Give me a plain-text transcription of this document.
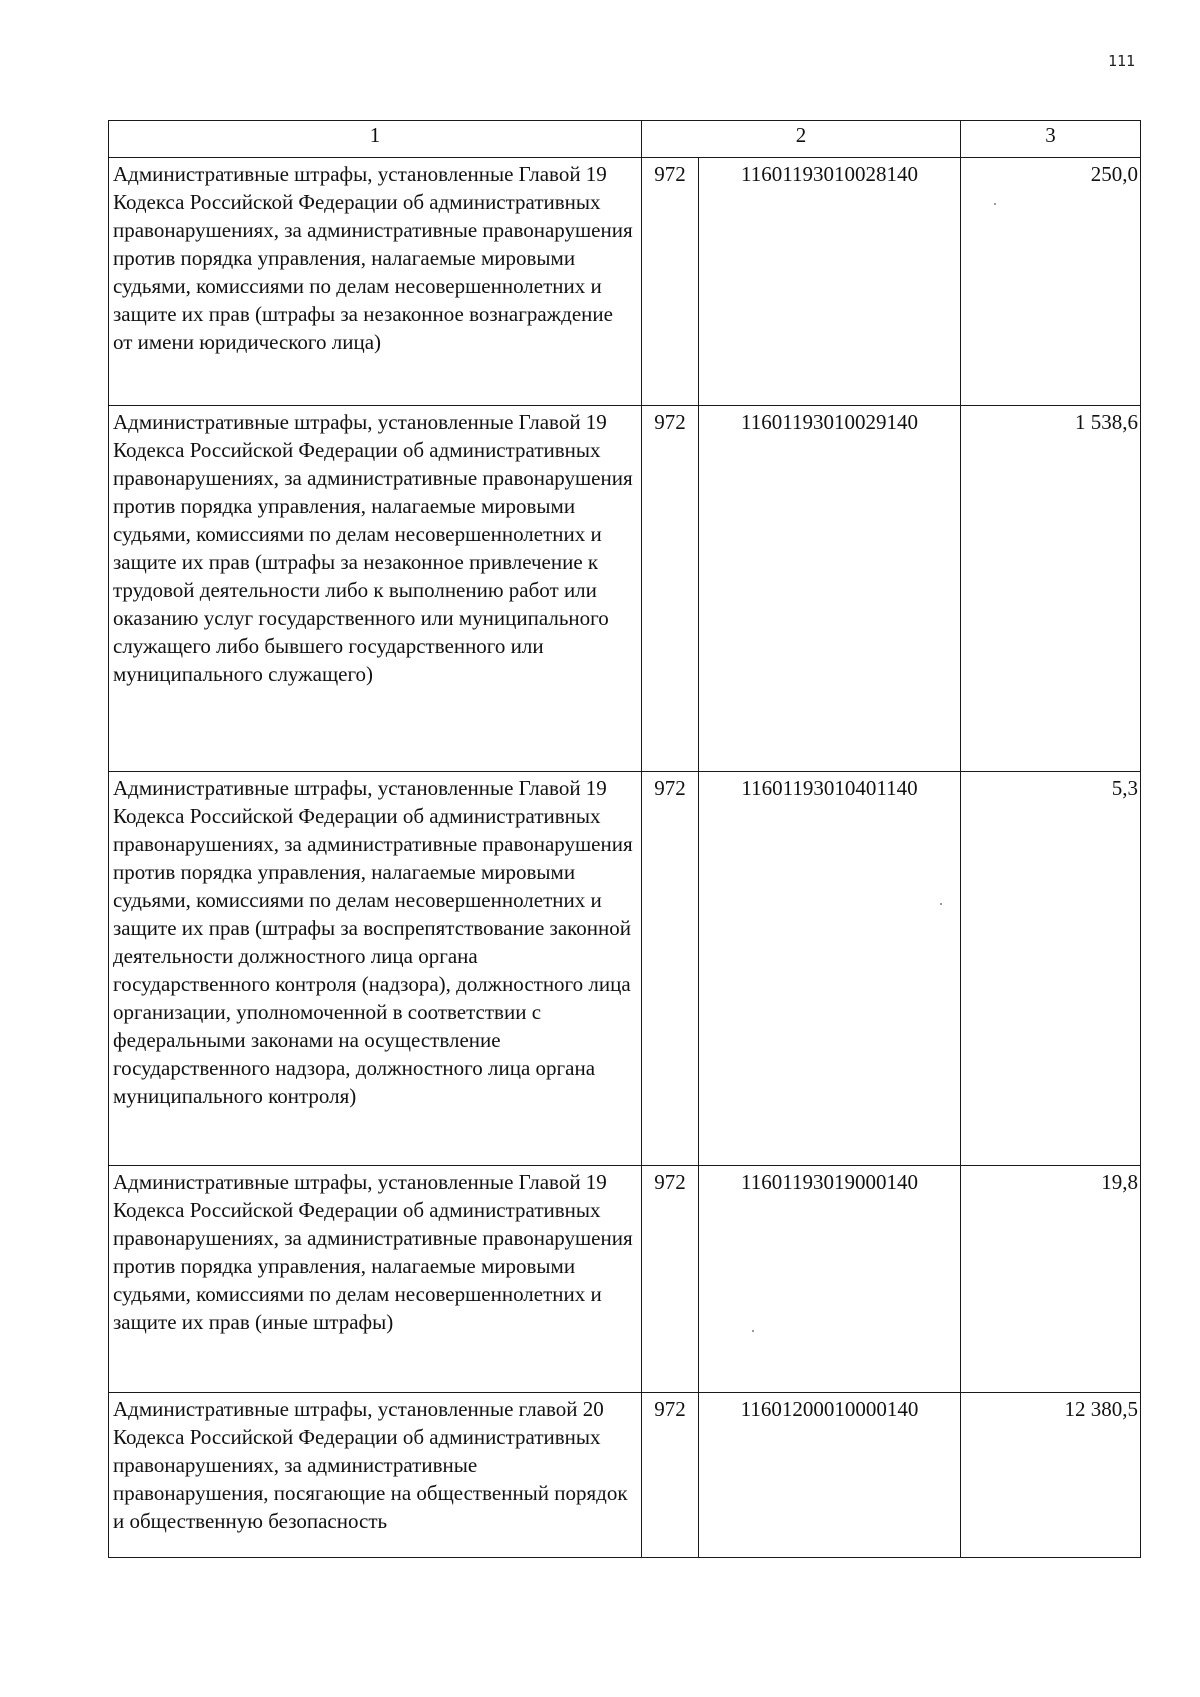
111
1	2		3
Административные штрафы, установленные Главой 19 Кодекса Российской Федерации об административных правонарушениях, за административные правонарушения против порядка управления, налагаемые мировыми судьями, комиссиями по делам несовершеннолетних и защите их прав (штрафы за незаконное вознаграждение от имени юридического лица)	972	11601193010028140	250,0
Административные штрафы, установленные Главой 19 Кодекса Российской Федерации об административных правонарушениях, за административные правонарушения против порядка управления, налагаемые мировыми судьями, комиссиями по делам несовершеннолетних и защите их прав (штрафы за незаконное привлечение к трудовой деятельности либо к выполнению работ или оказанию услуг государственного или муниципального служащего либо бывшего государственного или муниципального служащего)	972	11601193010029140	1 538,6
Административные штрафы, установленные Главой 19 Кодекса Российской Федерации об административных правонарушениях, за административные правонарушения против порядка управления, налагаемые мировыми судьями, комиссиями по делам несовершеннолетних и защите их прав (штрафы за воспрепятствование законной деятельности должностного лица органа государственного контроля (надзора), должностного лица организации, уполномоченной в соответствии с федеральными законами на осуществление государственного надзора, должностного лица органа муниципального контроля)	972	11601193010401140	5,3
Административные штрафы, установленные Главой 19 Кодекса Российской Федерации об административных правонарушениях, за административные правонарушения против порядка управления, налагаемые мировыми судьями, комиссиями по делам несовершеннолетних и защите их прав (иные штрафы)	972	11601193019000140	19,8
Административные штрафы, установленные главой 20 Кодекса Российской Федерации об административных правонарушениях, за административные правонарушения, посягающие на общественный порядок и общественную безопасность	972	11601200010000140	12 380,5
